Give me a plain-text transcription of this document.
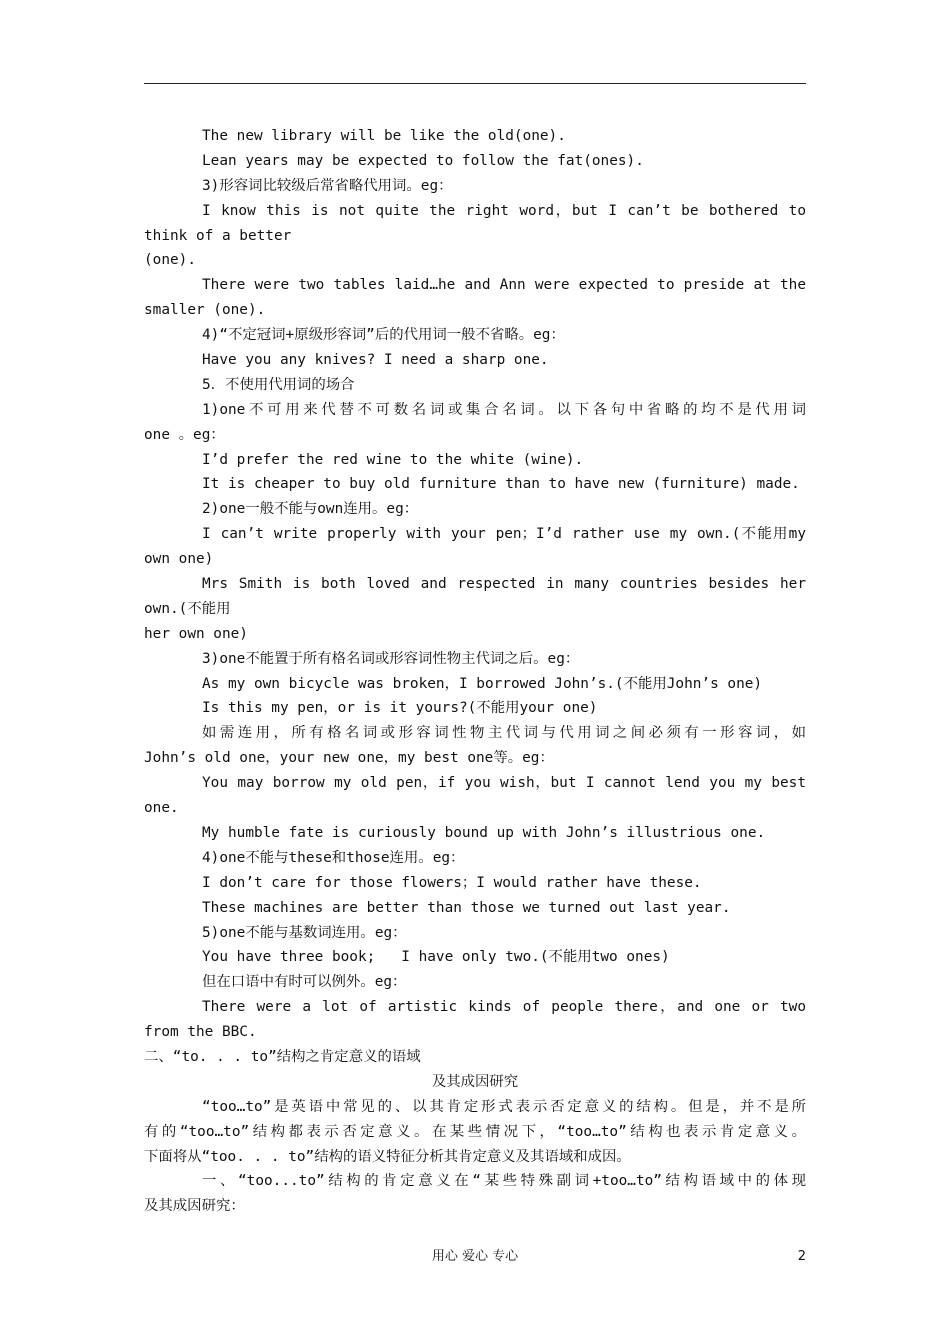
The new library will be like the old(one).
Lean years may be expected to follow the fat(ones).
3)形容词比较级后常省略代用词。eg：
I know this is not quite the right word，but I can’t be bothered to
think of a better
(one).
There were two tables laid…he and Ann were expected to preside at the
smaller (one).
4)“不定冠词+原级形容词”后的代用词一般不省略。eg：
Have you any knives? I need a sharp one.
5．不使用代用词的场合
1)one不可用来代替不可数名词或集合名词。以下各句中省略的均不是代用词
one 。eg：
I’d prefer the red wine to the white (wine).
It is cheaper to buy old furniture than to have new (furniture) made.
2)one一般不能与own连用。eg：
I can’t write properly with your pen；I’d rather use my own.(不能用my
own one)
Mrs Smith is both loved and respected in many countries besides her
own.(不能用
her own one)
3)one不能置于所有格名词或形容词性物主代词之后。eg：
As my own bicycle was broken，I borrowed John’s.(不能用John’s one)
Is this my pen，or is it yours?(不能用your one)
如需连用，所有格名词或形容词性物主代词与代用词之间必须有一形容词，如
John’s old one，your new one，my best one等。eg：
You may borrow my old pen，if you wish，but I cannot lend you my best
one.
My humble fate is curiously bound up with John’s illustrious one.
4)one不能与these和those连用。eg：
I don’t care for those flowers；I would rather have these.
These machines are better than those we turned out last year.
5)one不能与基数词连用。eg：
You have three book;   I have only two.(不能用two ones)
但在口语中有时可以例外。eg：
There were a lot of artistic kinds of people there，and one or two
from the BBC.
二、“to. . . to”结构之肯定意义的语域
及其成因研究
“too…to”是英语中常见的、以其肯定形式表示否定意义的结构。但是，并不是所
有的“too…to”结构都表示否定意义。在某些情况下，“too…to”结构也表示肯定意义。
下面将从“too. . . to”结构的语义特征分析其肯定意义及其语域和成因。
一、“too...to”结构的肯定意义在“某些特殊副词+too…to”结构语域中的体现
及其成因研究：
用心 爱心 专心	2
